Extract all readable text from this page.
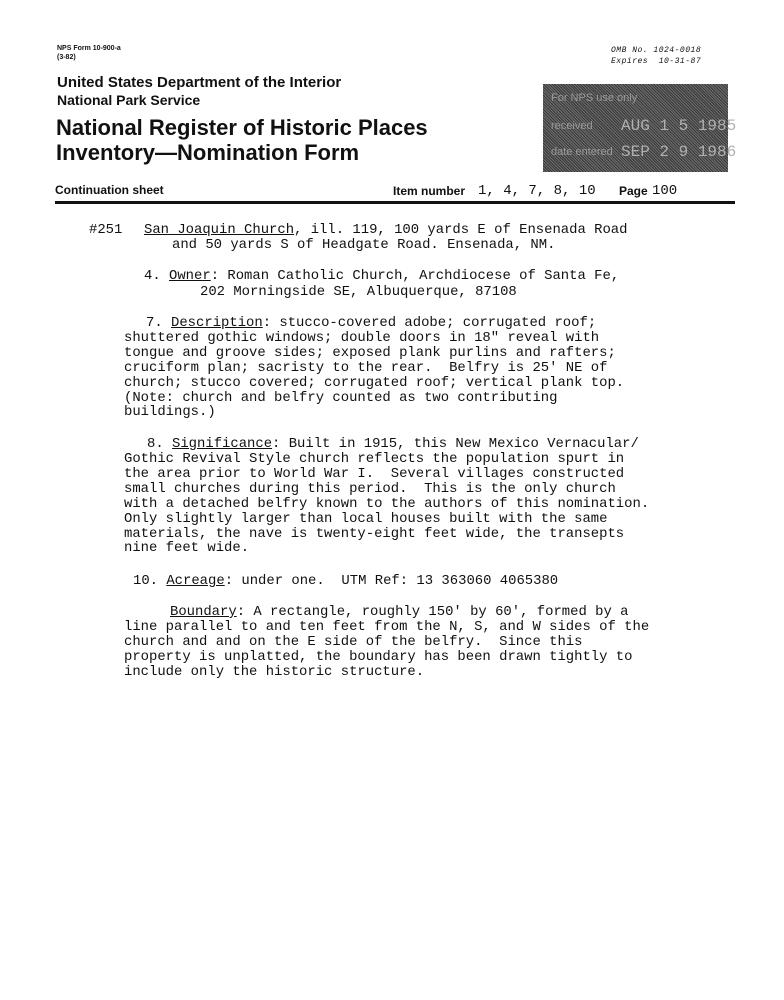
NPS Form 10-900-a
(3-82)
OMB No. 1024-0018
Expires  10-31-87
United States Department of the Interior
National Park Service
National Register of Historic Places
Inventory—Nomination Form
For NPS use only
received AUG 1 5 1985
date entered SEP 2 9 1986
Continuation sheet	Item number 1, 4, 7, 8, 10 Page 100
#251 San Joaquin Church, ill. 119, 100 yards E of Ensenada Road
and 50 yards S of Headgate Road. Ensenada, NM.
4. Owner: Roman Catholic Church, Archdiocese of Santa Fe,
202 Morningside SE, Albuquerque, 87108
7. Description: stucco-covered adobe; corrugated roof;
shuttered gothic windows; double doors in 18" reveal with
tongue and groove sides; exposed plank purlins and rafters;
cruciform plan; sacristy to the rear.  Belfry is 25' NE of
church; stucco covered; corrugated roof; vertical plank top.
(Note: church and belfry counted as two contributing
buildings.)
8. Significance: Built in 1915, this New Mexico Vernacular/
Gothic Revival Style church reflects the population spurt in
the area prior to World War I.  Several villages constructed
small churches during this period.  This is the only church
with a detached belfry known to the authors of this nomination.
Only slightly larger than local houses built with the same
materials, the nave is twenty-eight feet wide, the transepts
nine feet wide.
10. Acreage: under one.  UTM Ref: 13 363060 4065380
Boundary: A rectangle, roughly 150' by 60', formed by a
line parallel to and ten feet from the N, S, and W sides of the
church and and on the E side of the belfry.  Since this
property is unplatted, the boundary has been drawn tightly to
include only the historic structure.
